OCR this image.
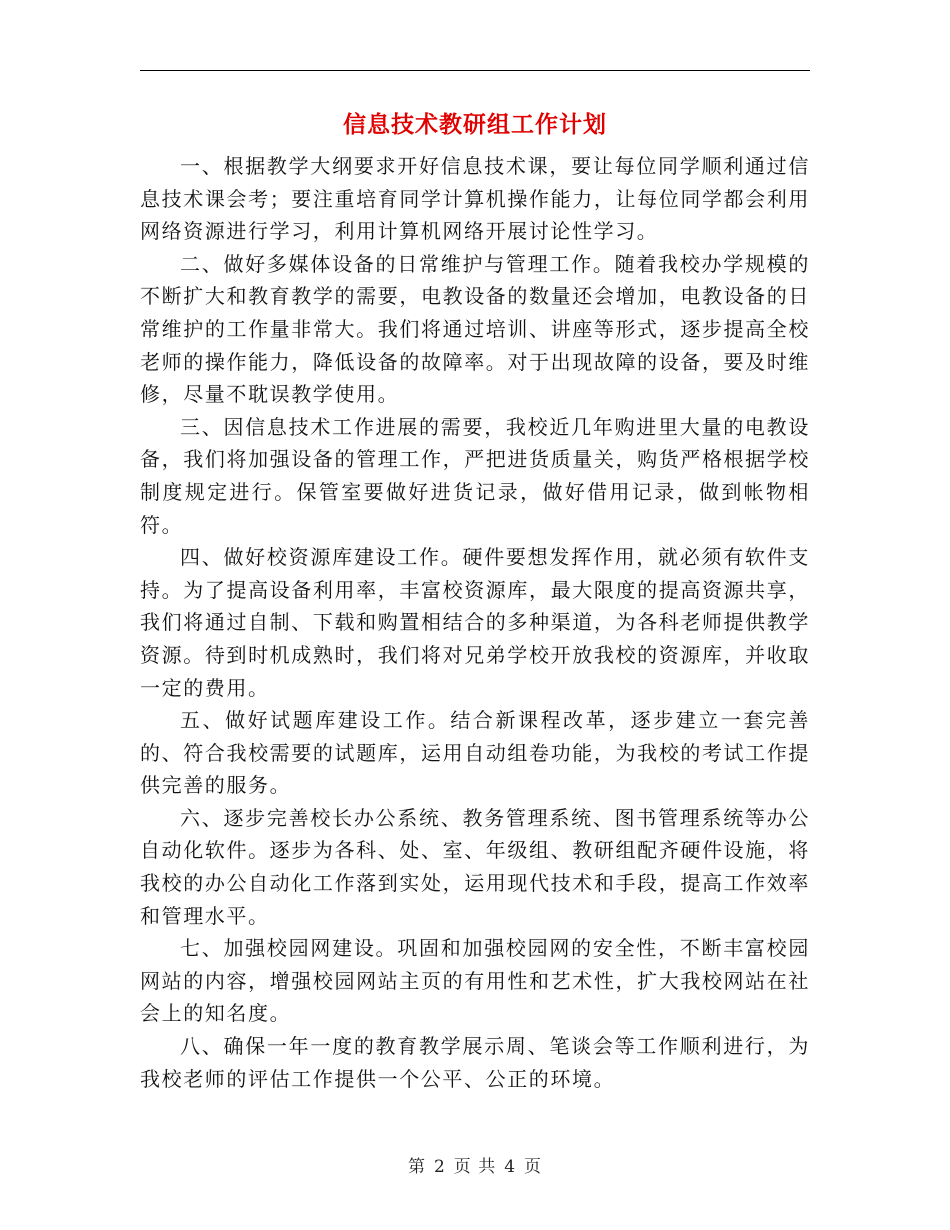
信息技术教研组工作计划

一、根据教学大纲要求开好信息技术课，要让每位同学顺利通过信息技术课会考；要注重培育同学计算机操作能力，让每位同学都会利用网络资源进行学习，利用计算机网络开展讨论性学习。

二、做好多媒体设备的日常维护与管理工作。随着我校办学规模的不断扩大和教育教学的需要，电教设备的数量还会增加，电教设备的日常维护的工作量非常大。我们将通过培训、讲座等形式，逐步提高全校老师的操作能力，降低设备的故障率。对于出现故障的设备，要及时维修，尽量不耽误教学使用。

三、因信息技术工作进展的需要，我校近几年购进里大量的电教设备，我们将加强设备的管理工作，严把进货质量关，购货严格根据学校制度规定进行。保管室要做好进货记录，做好借用记录，做到帐物相符。

四、做好校资源库建设工作。硬件要想发挥作用，就必须有软件支持。为了提高设备利用率，丰富校资源库，最大限度的提高资源共享，我们将通过自制、下载和购置相结合的多种渠道，为各科老师提供教学资源。待到时机成熟时，我们将对兄弟学校开放我校的资源库，并收取一定的费用。

五、做好试题库建设工作。结合新课程改革，逐步建立一套完善的、符合我校需要的试题库，运用自动组卷功能，为我校的考试工作提供完善的服务。

六、逐步完善校长办公系统、教务管理系统、图书管理系统等办公自动化软件。逐步为各科、处、室、年级组、教研组配齐硬件设施，将我校的办公自动化工作落到实处，运用现代技术和手段，提高工作效率和管理水平。

七、加强校园网建设。巩固和加强校园网的安全性，不断丰富校园网站的内容，增强校园网站主页的有用性和艺术性，扩大我校网站在社会上的知名度。

八、确保一年一度的教育教学展示周、笔谈会等工作顺利进行，为我校老师的评估工作提供一个公平、公正的环境。

第 2 页 共 4 页
